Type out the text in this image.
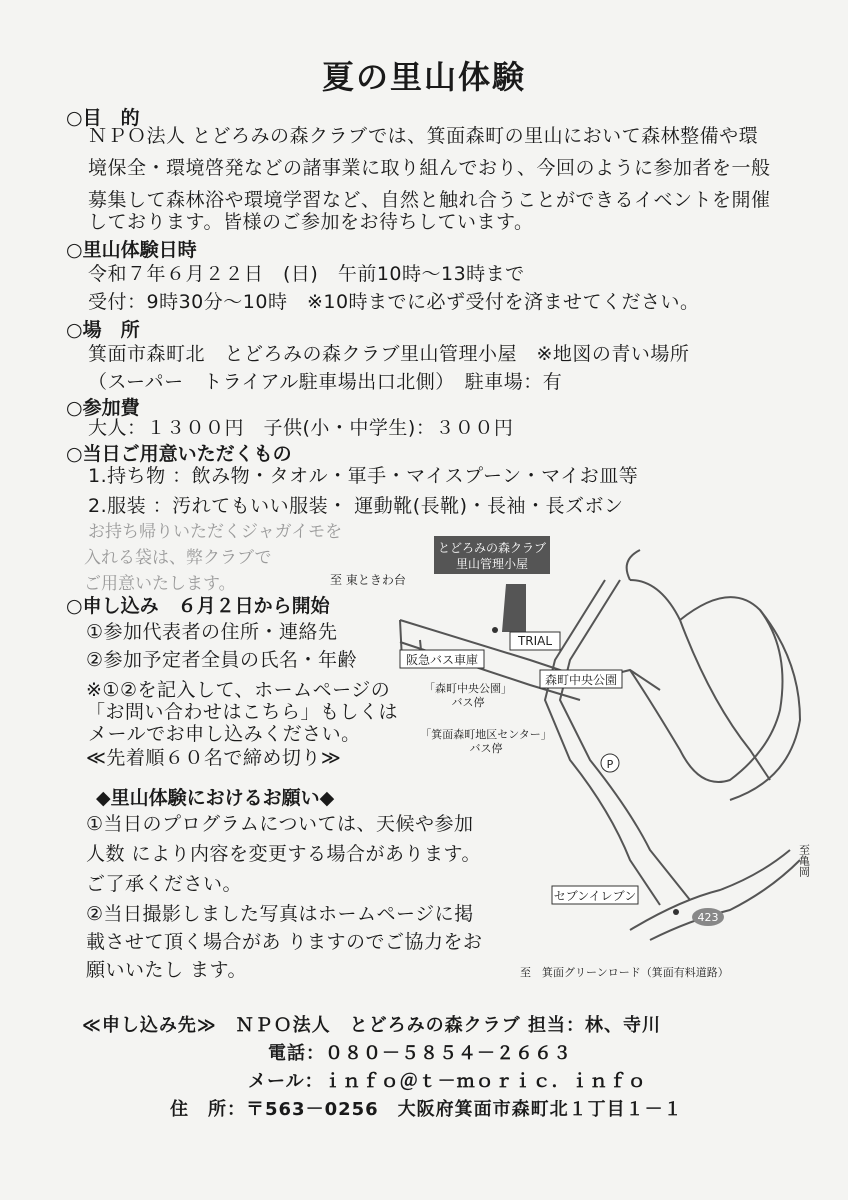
夏の里山体験
○目　的
ＮＰＯ法人 とどろみの森クラブでは、箕面森町の里山において森林整備や環
境保全・環境啓発などの諸事業に取り組んでおり、今回のように参加者を一般
募集して森林浴や環境学習など、自然と触れ合うことができるイベントを開催
しております。皆様のご参加をお待ちしています。
○里山体験日時
令和７年６月２２日　(日)　午前10時～13時まで
受付：9時30分～10時　※10時までに必ず受付を済ませてください。
○場　所
箕面市森町北　とどろみの森クラブ里山管理小屋　※地図の青い場所
（スーパー　トライアル駐車場出口北側）　駐車場：有
○参加費
大人：１３００円　子供(小・中学生)：３００円
○当日ご用意いただくもの
1.持ち物 ：飲み物・タオル・軍手・マイスプーン・マイお皿等
2.服装 ：汚れてもいい服装・ 運動靴(長靴)・長袖・長ズボン
お持ち帰りいただくジャガイモを
入れる袋は、弊クラブで
ご用意いたします。
○申し込み　６月２日から開始
①参加代表者の住所・連絡先
②参加予定者全員の氏名・年齢
※①②を記入して、ホームページの
「お問い合わせはこちら」もしくは
メールでお申し込みください。
≪先着順６０名で締め切り≫
◆里山体験におけるお願い◆
①当日のプログラムについては、天候や参加
人数 により内容を変更する場合があります。
ご了承ください。
②当日撮影しました写真はホームページに掲
載させて頂く場合があ りますのでご協力をお
願いいたし ます。
とどろみの森クラブ
里山管理小屋
至 東ときわ台
TRIAL
阪急バス車庫
「森町中央公園」
バス停
森町中央公園
「箕面森町地区センター」
バス停
P
至亀岡
セブンイレブン
423
至　箕面グリーンロード（箕面有料道路）
≪申し込み先≫　ＮＰＯ法人　とどろみの森クラブ 担当：林、寺川
電話：０８０－５８５４－２６６３
メール：ｉｎｆｏ＠ｔ－ｍｏｒｉｃ．ｉｎｆｏ
住　所：〒563－0256　大阪府箕面市森町北１丁目１－１
